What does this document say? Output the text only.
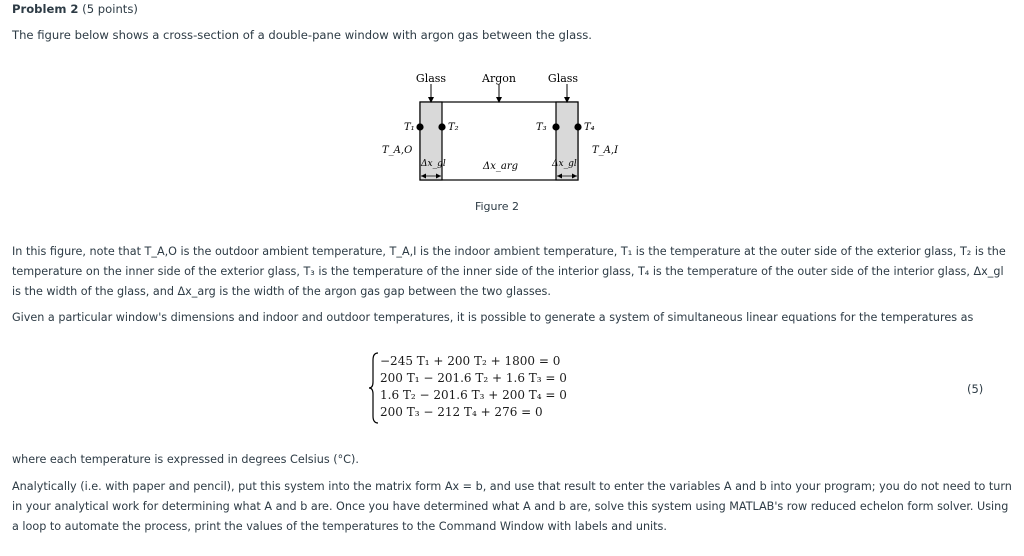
Problem 2 (5 points)
The figure below shows a cross-section of a double-pane window with argon gas between the glass.
Glass	Argon	Glass
T₁	T₂	T₃	T₄
T_A,O	T_A,I
Δx_gl	Δx_arg	Δx_gl
Figure 2
In this figure, note that T_A,O is the outdoor ambient temperature, T_A,I is the indoor ambient temperature, T₁ is the temperature at the outer side of the exterior glass, T₂ is the temperature on the inner side of the exterior glass, T₃ is the temperature of the inner side of the interior glass, T₄ is the temperature of the outer side of the interior glass, Δx_gl is the width of the glass, and Δx_arg is the width of the argon gas gap between the two glasses.
Given a particular window's dimensions and indoor and outdoor temperatures, it is possible to generate a system of simultaneous linear equations for the temperatures as
−245 T₁ + 200 T₂ + 1800 = 0
200 T₁ − 201.6 T₂ + 1.6 T₃ = 0
1.6 T₂ − 201.6 T₃ + 200 T₄ = 0
200 T₃ − 212 T₄ + 276 = 0
(5)
where each temperature is expressed in degrees Celsius (°C).
Analytically (i.e. with paper and pencil), put this system into the matrix form Ax = b, and use that result to enter the variables A and b into your program; you do not need to turn in your analytical work for determining what A and b are. Once you have determined what A and b are, solve this system using MATLAB's row reduced echelon form solver. Using a loop to automate the process, print the values of the temperatures to the Command Window with labels and units.
